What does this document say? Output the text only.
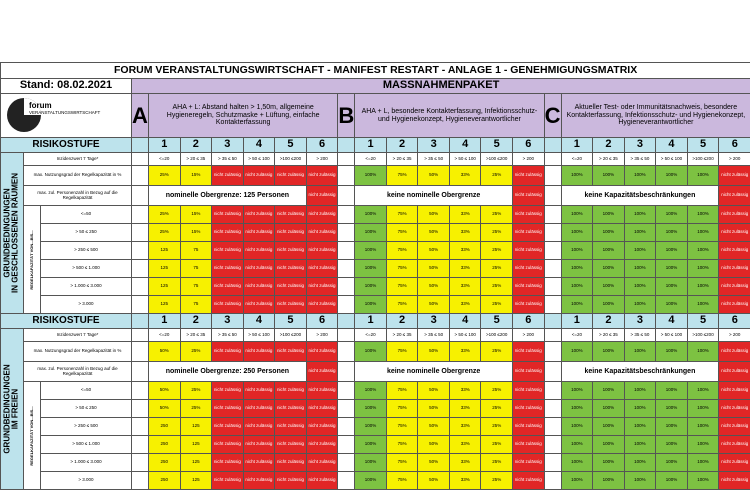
FORUM VERANSTALTUNGSWIRTSCHAFT - MANIFEST RESTART - ANLAGE 1 - GENEHMIGUNGSMATRIX																							
Stand: 08.02.2021			MASSNAHMENPAKET																				

forum
VERANSTALTUNGSWIRTSCHAFT			A	AHA + L: Abstand halten > 1,50m, allgemeine Hygieneregeln, Schutzmaske + Lüftung, einfache Kontakterfassung						B	AHA + L, besondere Kontakterfassung, Infektionsschutz- und Hygienekonzept, Hygieneverantwortlicher						C	Aktueller Test- oder Immunitätsnachweis, besondere Kontakterfassung, Infektionsschutz- und Hygienekonzept, Hygieneverantwortlicher					
RISIKOSTUFE				1	2	3	4	5	6		1	2	3	4	5	6		1	2	3	4	5	6

GRUNDBEDINGUNGEN
IN GESCHLOSSENEN RÄUMEN	Inzidenzwert 7 Tage*			<=20	> 20 ≤ 35	> 35 ≤ 50	> 50 ≤ 100	>100 ≤200	> 200		<=20	> 20 ≤ 35	> 35 ≤ 50	> 50 ≤ 100	>100 ≤200	> 200		<=20	> 20 ≤ 35	> 35 ≤ 50	> 50 ≤ 100	>100 ≤200	> 200
	max. Nutzungsgrad der Regelkapazität in %			25%	15%	nicht zulässig	nicht zulässig	nicht zulässig	nicht zulässig		100%	75%	50%	33%	25%	nicht zulässig		100%	100%	100%	100%	100%	nicht zulässig
	max. zul. Personenzahl in Bezug auf die Regelkapazität			nominelle Obergrenze: 125 Personen					nicht zulässig		keine nominelle Obergrenze					nicht zulässig		keine Kapazitätsbeschränkungen					nicht zulässig

	REGELKAPAZITÄT VON...BIS...	<=50		25%	15%	nicht zulässig	nicht zulässig	nicht zulässig	nicht zulässig		100%	75%	50%	33%	25%	nicht zulässig		100%	100%	100%	100%	100%	nicht zulässig
		> 50 ≤ 250		25%	15%	nicht zulässig	nicht zulässig	nicht zulässig	nicht zulässig		100%	75%	50%	33%	25%	nicht zulässig		100%	100%	100%	100%	100%	nicht zulässig
		> 250 ≤ 500		125	75	nicht zulässig	nicht zulässig	nicht zulässig	nicht zulässig		100%	75%	50%	33%	25%	nicht zulässig		100%	100%	100%	100%	100%	nicht zulässig
		> 500 ≤ 1.000		125	75	nicht zulässig	nicht zulässig	nicht zulässig	nicht zulässig		100%	75%	50%	33%	25%	nicht zulässig		100%	100%	100%	100%	100%	nicht zulässig
		> 1.000 ≤ 3.000		125	75	nicht zulässig	nicht zulässig	nicht zulässig	nicht zulässig		100%	75%	50%	33%	25%	nicht zulässig		100%	100%	100%	100%	100%	nicht zulässig
		> 3.000		125	75	nicht zulässig	nicht zulässig	nicht zulässig	nicht zulässig		100%	75%	50%	33%	25%	nicht zulässig		100%	100%	100%	100%	100%	nicht zulässig
RISIKOSTUFE				1	2	3	4	5	6		1	2	3	4	5	6		1	2	3	4	5	6

GRUNDBEDINGUNGEN
IM FREIEN	Inzidenzwert 7 Tage*			<=20	> 20 ≤ 35	> 35 ≤ 50	> 50 ≤ 100	>100 ≤200	> 200		<=20	> 20 ≤ 35	> 35 ≤ 50	> 50 ≤ 100	>100 ≤200	> 200		<=20	> 20 ≤ 35	> 35 ≤ 50	> 50 ≤ 100	>100 ≤200	> 200
	max. Nutzungsgrad der Regelkapazität in %			50%	25%	nicht zulässig	nicht zulässig	nicht zulässig	nicht zulässig		100%	75%	50%	33%	25%	nicht zulässig		100%	100%	100%	100%	100%	nicht zulässig
	max. zul. Personenzahl in Bezug auf die Regelkapazität			nominelle Obergrenze: 250 Personen					nicht zulässig		keine nominelle Obergrenze					nicht zulässig		keine Kapazitätsbeschränkungen					nicht zulässig

	REGELKAPAZITÄT VON...BIS...	<=50		50%	25%	nicht zulässig	nicht zulässig	nicht zulässig	nicht zulässig		100%	75%	50%	33%	25%	nicht zulässig		100%	100%	100%	100%	100%	nicht zulässig
		> 50 ≤ 250		50%	25%	nicht zulässig	nicht zulässig	nicht zulässig	nicht zulässig		100%	75%	50%	33%	25%	nicht zulässig		100%	100%	100%	100%	100%	nicht zulässig
		> 250 ≤ 500		250	125	nicht zulässig	nicht zulässig	nicht zulässig	nicht zulässig		100%	75%	50%	33%	25%	nicht zulässig		100%	100%	100%	100%	100%	nicht zulässig
		> 500 ≤ 1.000		250	125	nicht zulässig	nicht zulässig	nicht zulässig	nicht zulässig		100%	75%	50%	33%	25%	nicht zulässig		100%	100%	100%	100%	100%	nicht zulässig
		> 1.000 ≤ 3.000		250	125	nicht zulässig	nicht zulässig	nicht zulässig	nicht zulässig		100%	75%	50%	33%	25%	nicht zulässig		100%	100%	100%	100%	100%	nicht zulässig
		> 3.000		250	125	nicht zulässig	nicht zulässig	nicht zulässig	nicht zulässig		100%	75%	50%	33%	25%	nicht zulässig		100%	100%	100%	100%	100%	nicht zulässig
